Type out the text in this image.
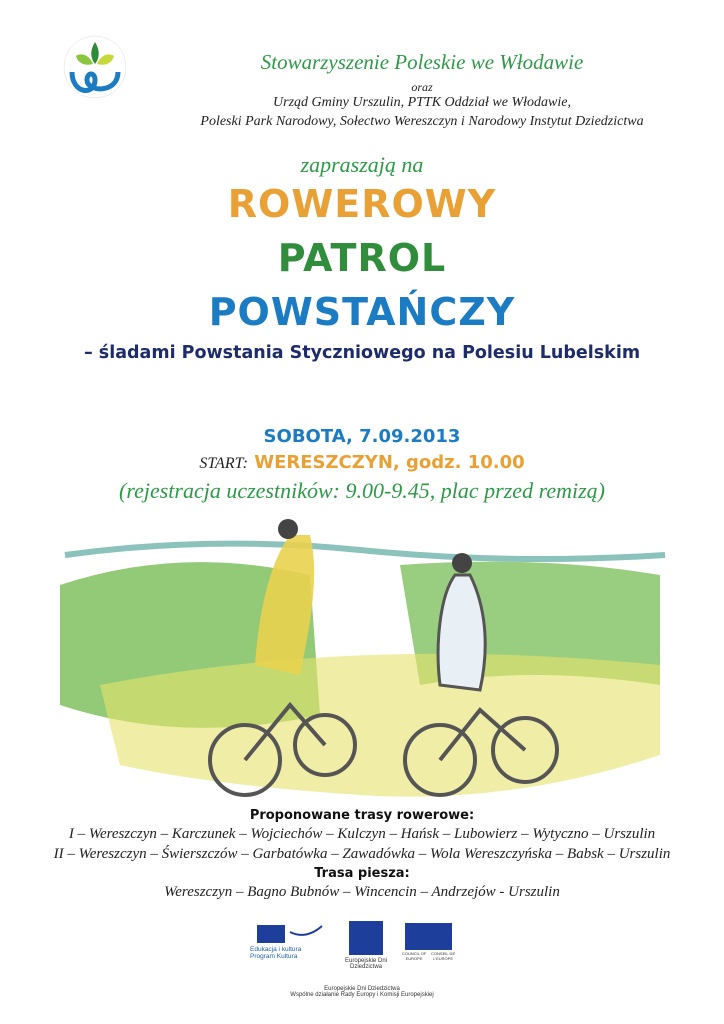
Stowarzyszenie Poleskie we Włodawie
oraz
Urząd Gminy Urszulin, PTTK Oddział we Włodawie,
Poleski Park Narodowy, Sołectwo Wereszczyn i Narodowy Instytut Dziedzictwa
zapraszają na
ROWEROWY
PATROL
POWSTAŃCZY
– śladami Powstania Styczniowego na Polesiu Lubelskim
SOBOTA, 7.09.2013
START: WERESZCZYN, godz. 10.00
(rejestracja uczestników: 9.00-9.45, plac przed remizą)
Proponowane trasy rowerowe:
I – Wereszczyn – Karczunek – Wojciechów – Kulczyn – Hańsk – Lubowierz – Wytyczno – Urszulin
II – Wereszczyn – Świerszczów – Garbatówka – Zawadówka – Wola Wereszczyńska – Babsk – Urszulin
Trasa piesza:
Wereszczyn – Bagno Bubnów – Wincencin – Andrzejów - Urszulin
Edukacja i kultura
Program Kultura
Europejskie Dni
Dziedzictwa
COUNCIL OF EUROPE
CONSEIL DE L'EUROPE
Europejskie Dni Dziedzictwa
Wspólne działanie Rady Europy i Komisji Europejskiej
